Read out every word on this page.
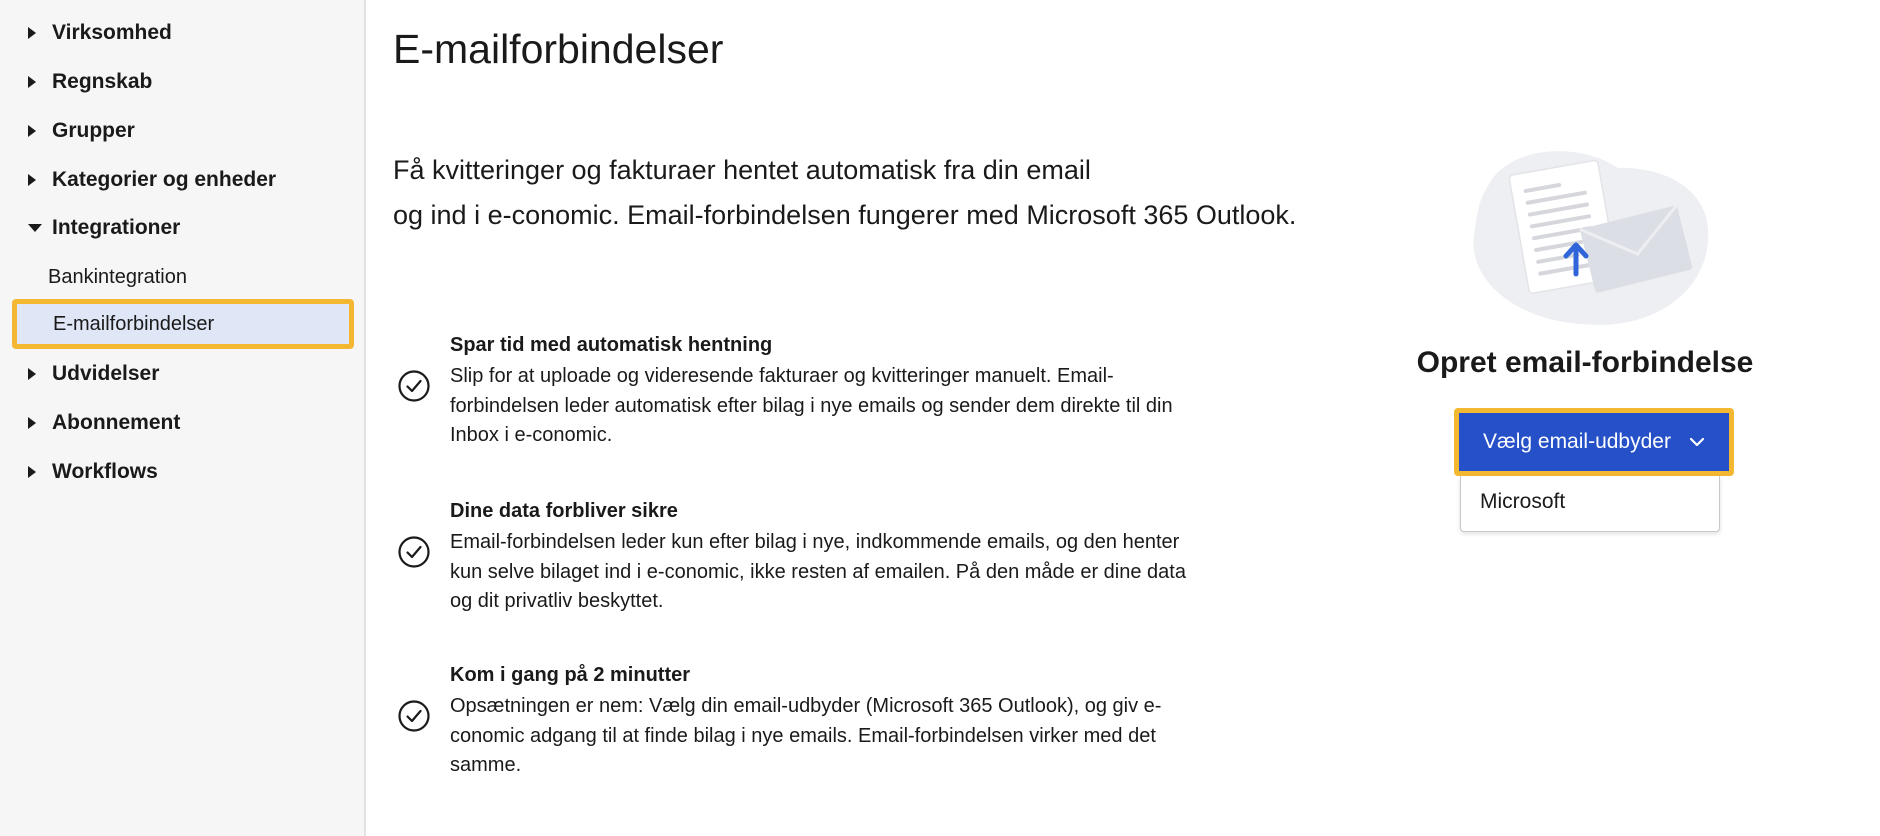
Virksomhed
Regnskab
Grupper
Kategorier og enheder
Integrationer
Bankintegration
E-mailforbindelser
Udvidelser
Abonnement
Workflows
E-mailforbindelser
Få kvitteringer og fakturaer hentet automatisk fra din email
og ind i e-conomic. Email-forbindelsen fungerer med Microsoft 365 Outlook.
Spar tid med automatisk hentning
Slip for at uploade og videresende fakturaer og kvitteringer manuelt. Email-forbindelsen leder automatisk efter bilag i nye emails og sender dem direkte til din Inbox i e-conomic.
Dine data forbliver sikre
Email-forbindelsen leder kun efter bilag i nye, indkommende emails, og den henter kun selve bilaget ind i e-conomic, ikke resten af emailen. På den måde er dine data og dit privatliv beskyttet.
Kom i gang på 2 minutter
Opsætningen er nem: Vælg din email-udbyder (Microsoft 365 Outlook), og giv e-conomic adgang til at finde bilag i nye emails. Email-forbindelsen virker med det samme.
Opret email-forbindelse
Vælg email-udbyder
Microsoft
